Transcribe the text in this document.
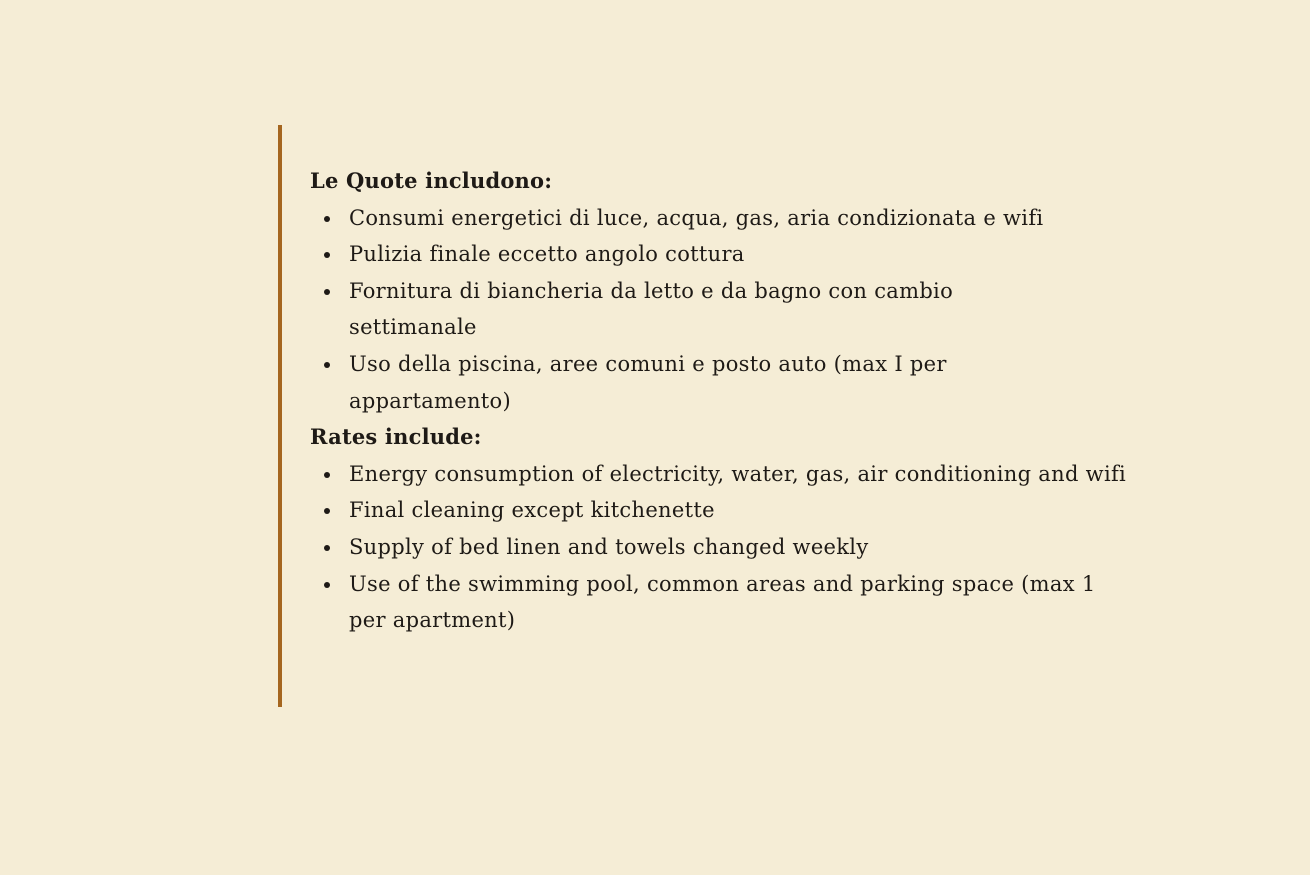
Le Quote includono:
Consumi energetici di luce, acqua, gas, aria condizionata e wifi
Pulizia finale eccetto angolo cottura
Fornitura di biancheria da letto e da bagno con cambio settimanale
Uso della piscina, aree comuni e posto auto (max I per appartamento)
Rates include:
Energy consumption of electricity, water, gas, air conditioning and wifi
Final cleaning except kitchenette
Supply of bed linen and towels changed weekly
Use of the swimming pool, common areas and parking space (max 1 per apartment)
